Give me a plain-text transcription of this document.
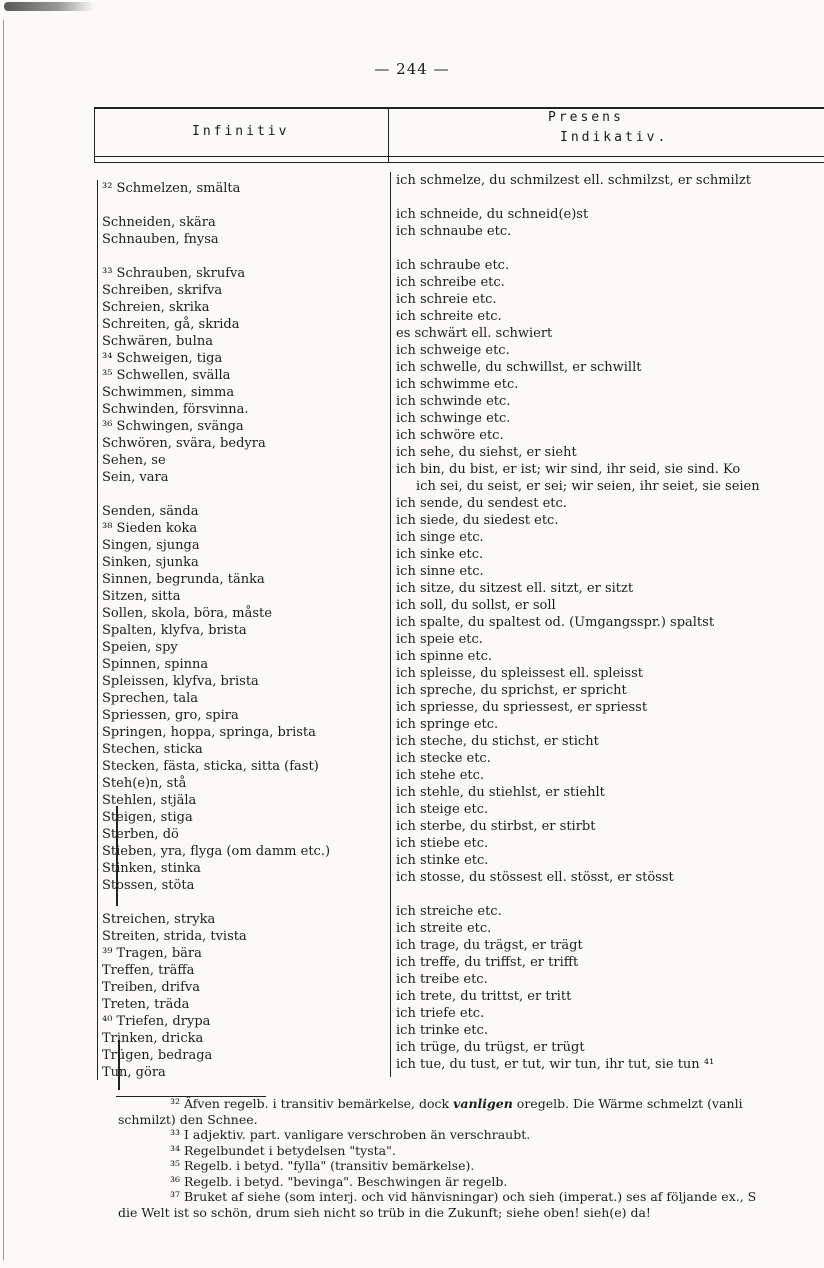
— 244 —
Infinitiv
Presens
Indikativ.
³² Schmelzen, smälta
Schneiden, skära
Schnauben, fnysa
³³ Schrauben, skrufva
Schreiben, skrifva
Schreien, skrika
Schreiten, gå, skrida
Schwären, bulna
³⁴ Schweigen, tiga
³⁵ Schwellen, svälla
Schwimmen, simma
Schwinden, försvinna.
³⁶ Schwingen, svänga
Schwören, svära, bedyra
Sehen, se
Sein, vara
Senden, sända
³⁸ Sieden koka
Singen, sjunga
Sinken, sjunka
Sinnen, begrunda, tänka
Sitzen, sitta
Sollen, skola, böra, måste
Spalten, klyfva, brista
Speien, spy
Spinnen, spinna
Spleissen, klyfva, brista
Sprechen, tala
Spriessen, gro, spira
Springen, hoppa, springa, brista
Stechen, sticka
Stecken, fästa, sticka, sitta (fast)
Steh(e)n, stå
Stehlen, stjäla
Steigen, stiga
Sterben, dö
Stieben, yra, flyga (om damm etc.)
Stinken, stinka
Stossen, stöta
Streichen, stryka
Streiten, strida, tvista
³⁹ Tragen, bära
Treffen, träffa
Treiben, drifva
Treten, träda
⁴⁰ Triefen, drypa
Trinken, dricka
Trügen, bedraga
Tun, göra
ich schmelze, du schmilzest ell. schmilzst, er schmilzt
ich schneide, du schneid(e)st
ich schnaube etc.
ich schraube etc.
ich schreibe etc.
ich schreie etc.
ich schreite etc.
es schwärt ell. schwiert
ich schweige etc.
ich schwelle, du schwillst, er schwillt
ich schwimme etc.
ich schwinde etc.
ich schwinge etc.
ich schwöre etc.
ich sehe, du siehst, er sieht
ich bin, du bist, er ist; wir sind, ihr seid, sie sind. Ko
ich sei, du seist, er sei; wir seien, ihr seiet, sie seien
ich sende, du sendest etc.
ich siede, du siedest etc.
ich singe etc.
ich sinke etc.
ich sinne etc.
ich sitze, du sitzest ell. sitzt, er sitzt
ich soll, du sollst, er soll
ich spalte, du spaltest od. (Umgangsspr.) spaltst
ich speie etc.
ich spinne etc.
ich spleisse, du spleissest ell. spleisst
ich spreche, du sprichst, er spricht
ich spriesse, du spriessest, er spriesst
ich springe etc.
ich steche, du stichst, er sticht
ich stecke etc.
ich stehe etc.
ich stehle, du stiehlst, er stiehlt
ich steige etc.
ich sterbe, du stirbst, er stirbt
ich stiebe etc.
ich stinke etc.
ich stosse, du stössest ell. stösst, er stösst
ich streiche etc.
ich streite etc.
ich trage, du trägst, er trägt
ich treffe, du triffst, er trifft
ich treibe etc.
ich trete, du trittst, er tritt
ich triefe etc.
ich trinke etc.
ich trüge, du trügst, er trügt
ich tue, du tust, er tut, wir tun, ihr tut, sie tun ⁴¹
³² Äfven regelb. i transitiv bemärkelse, dock vanligen oregelb. Die Wärme schmelzt (vanli
schmilzt) den Schnee.
³³ I adjektiv. part. vanligare verschroben än verschraubt.
³⁴ Regelbundet i betydelsen "tysta".
³⁵ Regelb. i betyd. "fylla" (transitiv bemärkelse).
³⁶ Regelb. i betyd. "bevinga". Beschwingen är regelb.
³⁷ Bruket af siehe (som interj. och vid hänvisningar) och sieh (imperat.) ses af följande ex., S
die Welt ist so schön, drum sieh nicht so trüb in die Zukunft; siehe oben! sieh(e) da!
